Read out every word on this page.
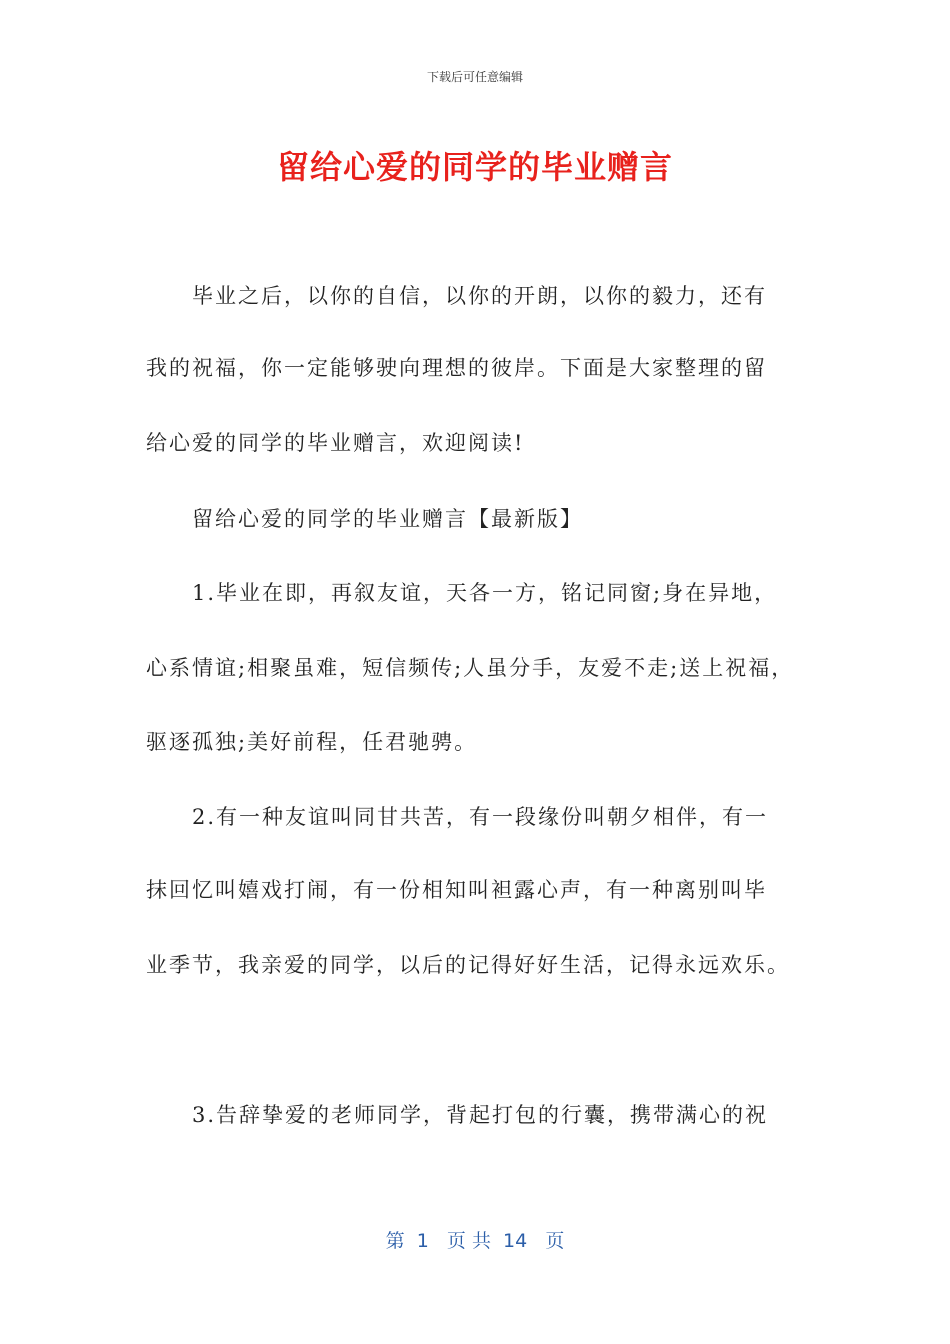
下载后可任意编辑
留给心爱的同学的毕业赠言
毕业之后，以你的自信，以你的开朗，以你的毅力，还有
我的祝福，你一定能够驶向理想的彼岸。下面是大家整理的留
给心爱的同学的毕业赠言，欢迎阅读!
留给心爱的同学的毕业赠言【最新版】
1.毕业在即，再叙友谊，天各一方，铭记同窗;身在异地，
心系情谊;相聚虽难，短信频传;人虽分手，友爱不走;送上祝福，
驱逐孤独;美好前程，任君驰骋。
2.有一种友谊叫同甘共苦，有一段缘份叫朝夕相伴，有一
抹回忆叫嬉戏打闹，有一份相知叫袒露心声，有一种离别叫毕
业季节，我亲爱的同学，以后的记得好好生活，记得永远欢乐。
3.告辞挚爱的老师同学，背起打包的行囊，携带满心的祝
第  1   页 共  14   页
